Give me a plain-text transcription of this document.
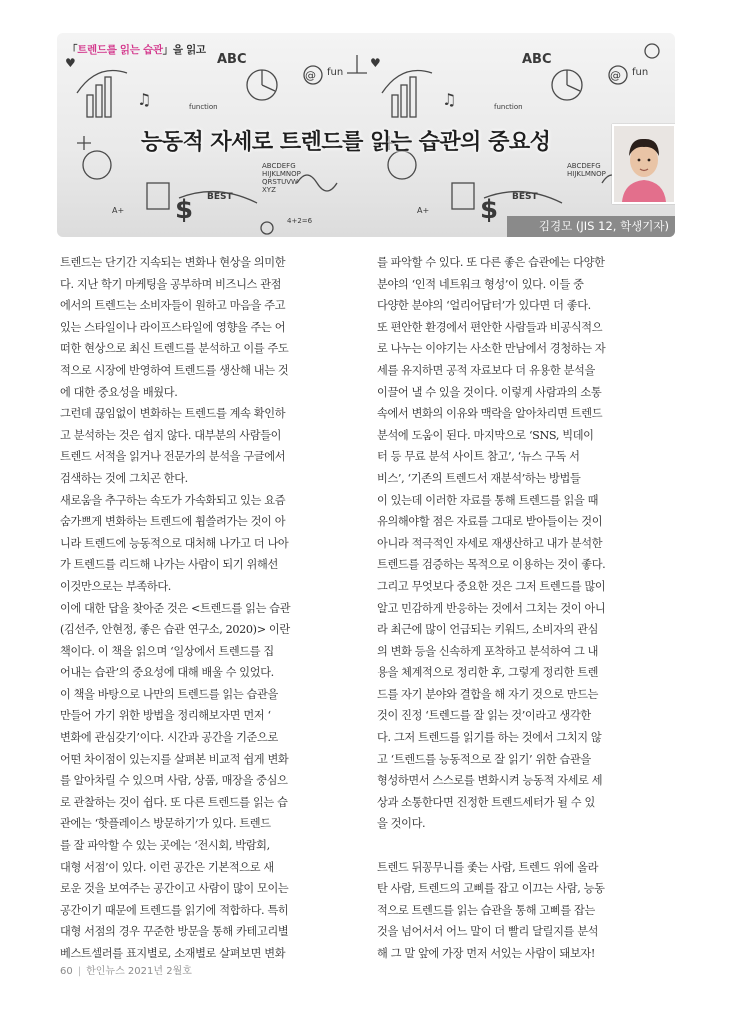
ABC
fun
function
ABCDEFG
HIJKLMNOP
QRSTUVW
XYZ
BEST
A+
4+2=6
$
ABC
fun
function
ABCDEFG
HIJKLMNOP
BEST
A+ $
@	@
♫	♫
♥	♥
「트렌드를 읽는 습관」을 읽고
능동적 자세로 트렌드를 읽는 습관의 중요성
김경모 (JIS 12, 학생기자)
트렌드는 단기간 지속되는 변화나 현상을 의미한
다. 지난 학기 마케팅을 공부하며 비즈니스 관점
에서의 트렌드는 소비자들이 원하고 마음을 주고
있는 스타일이나 라이프스타일에 영향을 주는 어
떠한 현상으로 최신 트렌드를 분석하고 이를 주도
적으로 시장에 반영하여 트렌드를 생산해 내는 것
에 대한 중요성을 배웠다.
그런데 끊임없이 변화하는 트렌드를 계속 확인하
고 분석하는 것은 쉽지 않다. 대부분의 사람들이
트렌드 서적을 읽거나 전문가의 분석을 구글에서
검색하는 것에 그치곤 한다.
새로움을 추구하는 속도가 가속화되고 있는 요즘
숨가쁘게 변화하는 트렌드에 휩쓸려가는 것이 아
니라 트렌드에 능동적으로 대처해 나가고 더 나아
가 트렌드를 리드해 나가는 사람이 되기 위해선
이것만으로는 부족하다.
이에 대한 답을 찾아준 것은 <트렌드를 읽는 습관
(김선주, 안현정, 좋은 습관 연구소, 2020)> 이란
책이다. 이 책을 읽으며 ‘일상에서 트렌드를 집
어내는 습관’의 중요성에 대해 배울 수 있었다.
이 책을 바탕으로 나만의 트렌드를 읽는 습관을
만들어 가기 위한 방법을 정리해보자면 먼저 ‘
변화에 관심갖기’이다. 시간과 공간을 기준으로
어떤 차이점이 있는지를 살펴본 비교적 쉽게 변화
를 알아차릴 수 있으며 사람, 상품, 매장을 중심으
로 관찰하는 것이 쉽다. 또 다른 트렌드를 읽는 습
관에는 ‘핫플레이스 방문하기’가 있다. 트렌드
를 잘 파악할 수 있는 곳에는 ‘전시회, 박람회,
대형 서점’이 있다. 이런 공간은 기본적으로 새
로운 것을 보여주는 공간이고 사람이 많이 모이는
공간이기 때문에 트렌드를 읽기에 적합하다. 특히
대형 서점의 경우 꾸준한 방문을 통해 카테고리별
베스트셀러를 표지별로, 소재별로 살펴보면 변화
를 파악할 수 있다. 또 다른 좋은 습관에는 다양한
분야의 ‘인적 네트워크 형성’이 있다. 이들 중
다양한 분야의 ‘얼리어답터’가 있다면 더 좋다.
또 편안한 환경에서 편안한 사람들과 비공식적으
로 나누는 이야기는 사소한 만남에서 경청하는 자
세를 유지하면 공적 자료보다 더 유용한 분석을
이끌어 낼 수 있을 것이다. 이렇게 사람과의 소통
속에서 변화의 이유와 맥락을 알아차리면 트렌드
분석에 도움이 된다. 마지막으로 ‘SNS, 빅데이
터 등 무료 분석 사이트 참고’, ‘뉴스 구독 서
비스’, ‘기존의 트렌드서 재분석’하는 방법들
이 있는데 이러한 자료를 통해 트렌드를 읽을 때
유의해야할 점은 자료를 그대로 받아들이는 것이
아니라 적극적인 자세로 재생산하고 내가 분석한
트렌드를 검증하는 목적으로 이용하는 것이 좋다.
그리고 무엇보다 중요한 것은 그저 트렌드를 많이
알고 민감하게 반응하는 것에서 그치는 것이 아니
라 최근에 많이 언급되는 키워드, 소비자의 관심
의 변화 등을 신속하게 포착하고 분석하여 그 내
용을 체계적으로 정리한 후, 그렇게 정리한 트렌
드를 자기 분야와 결합을 해 자기 것으로 만드는
것이 진정 ‘트렌드를 잘 읽는 것’이라고 생각한
다. 그저 트렌드를 읽기를 하는 것에서 그치지 않
고 ‘트렌드를 능동적으로 잘 읽기’ 위한 습관을
형성하면서 스스로를 변화시켜 능동적 자세로 세
상과 소통한다면 진정한 트렌드세터가 될 수 있
을 것이다.
트렌드 뒤꽁무니를 좇는 사람, 트렌드 위에 올라
탄 사람, 트렌드의 고삐를 잡고 이끄는 사람, 능동
적으로 트렌드를 읽는 습관을 통해 고삐를 잡는
것을 넘어서서 어느 말이 더 빨리 달릴지를 분석
해 그 말 앞에 가장 먼저 서있는 사람이 돼보자!
60 | 한인뉴스 2021년 2월호
